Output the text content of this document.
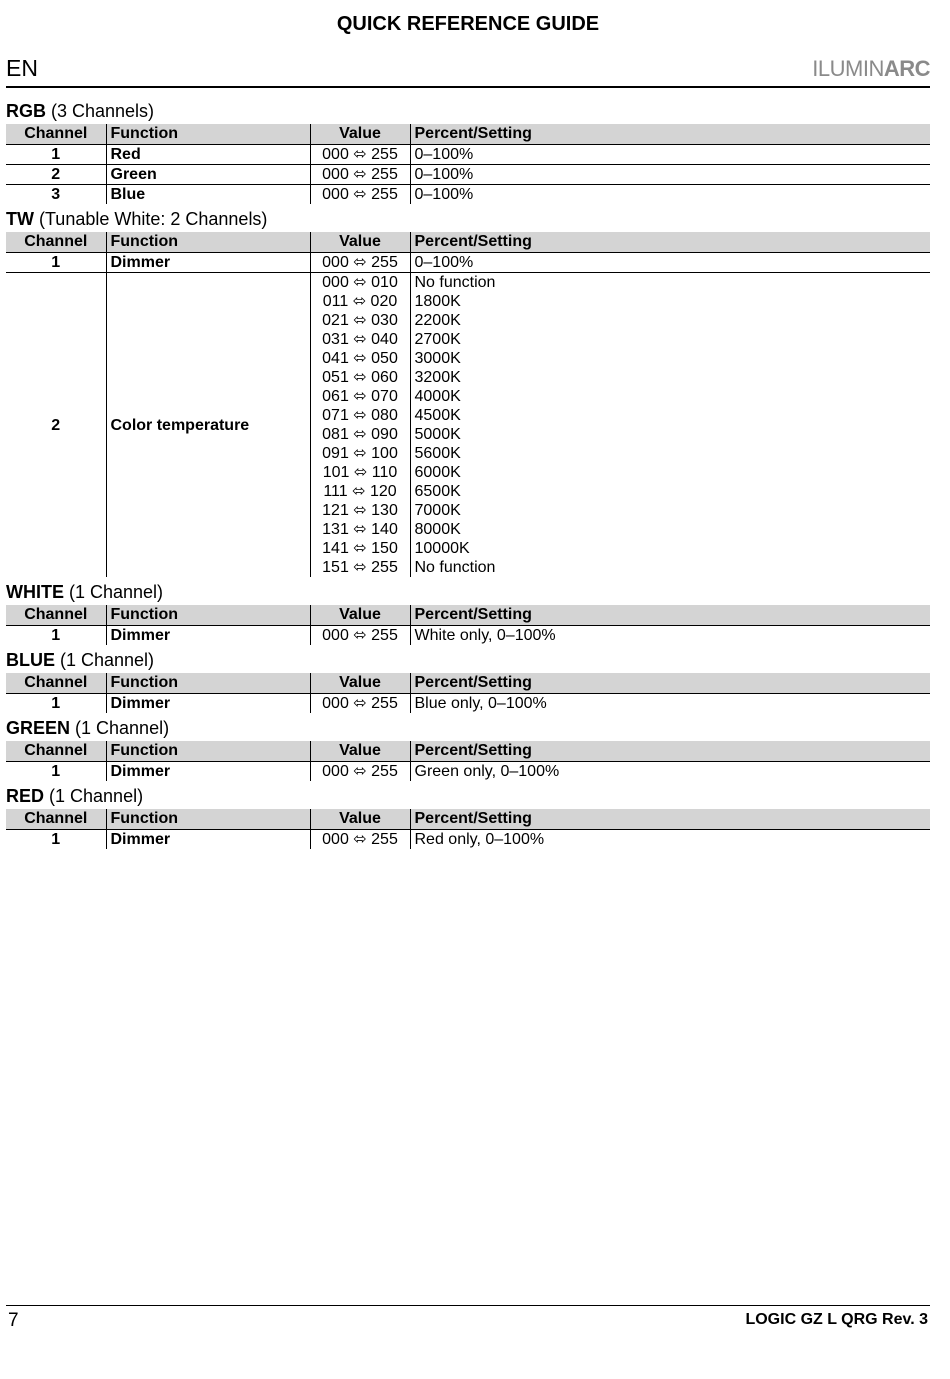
QUICK REFERENCE GUIDE
EN	ILUMINARC
RGB (3 Channels)
Channel	Function	Value	Percent/Setting
1	Red	000 ⬄ 255	0–100%
2	Green	000 ⬄ 255	0–100%
3	Blue	000 ⬄ 255	0–100%
TW (Tunable White: 2 Channels)
Channel	Function	Value	Percent/Setting
1	Dimmer	000 ⬄ 255	0–100%
2	Color temperature	000 ⬄ 010	No function
		011 ⬄ 020	1800K
		021 ⬄ 030	2200K
		031 ⬄ 040	2700K
		041 ⬄ 050	3000K
		051 ⬄ 060	3200K
		061 ⬄ 070	4000K
		071 ⬄ 080	4500K
		081 ⬄ 090	5000K
		091 ⬄ 100	5600K
		101 ⬄ 110	6000K
		111 ⬄ 120	6500K
		121 ⬄ 130	7000K
		131 ⬄ 140	8000K
		141 ⬄ 150	10000K
		151 ⬄ 255	No function
WHITE (1 Channel)
Channel	Function	Value	Percent/Setting
1	Dimmer	000 ⬄ 255	White only, 0–100%
BLUE (1 Channel)
Channel	Function	Value	Percent/Setting
1	Dimmer	000 ⬄ 255	Blue only, 0–100%
GREEN (1 Channel)
Channel	Function	Value	Percent/Setting
1	Dimmer	000 ⬄ 255	Green only, 0–100%
RED (1 Channel)
Channel	Function	Value	Percent/Setting
1	Dimmer	000 ⬄ 255	Red only, 0–100%
7	LOGIC GZ L QRG Rev. 3
